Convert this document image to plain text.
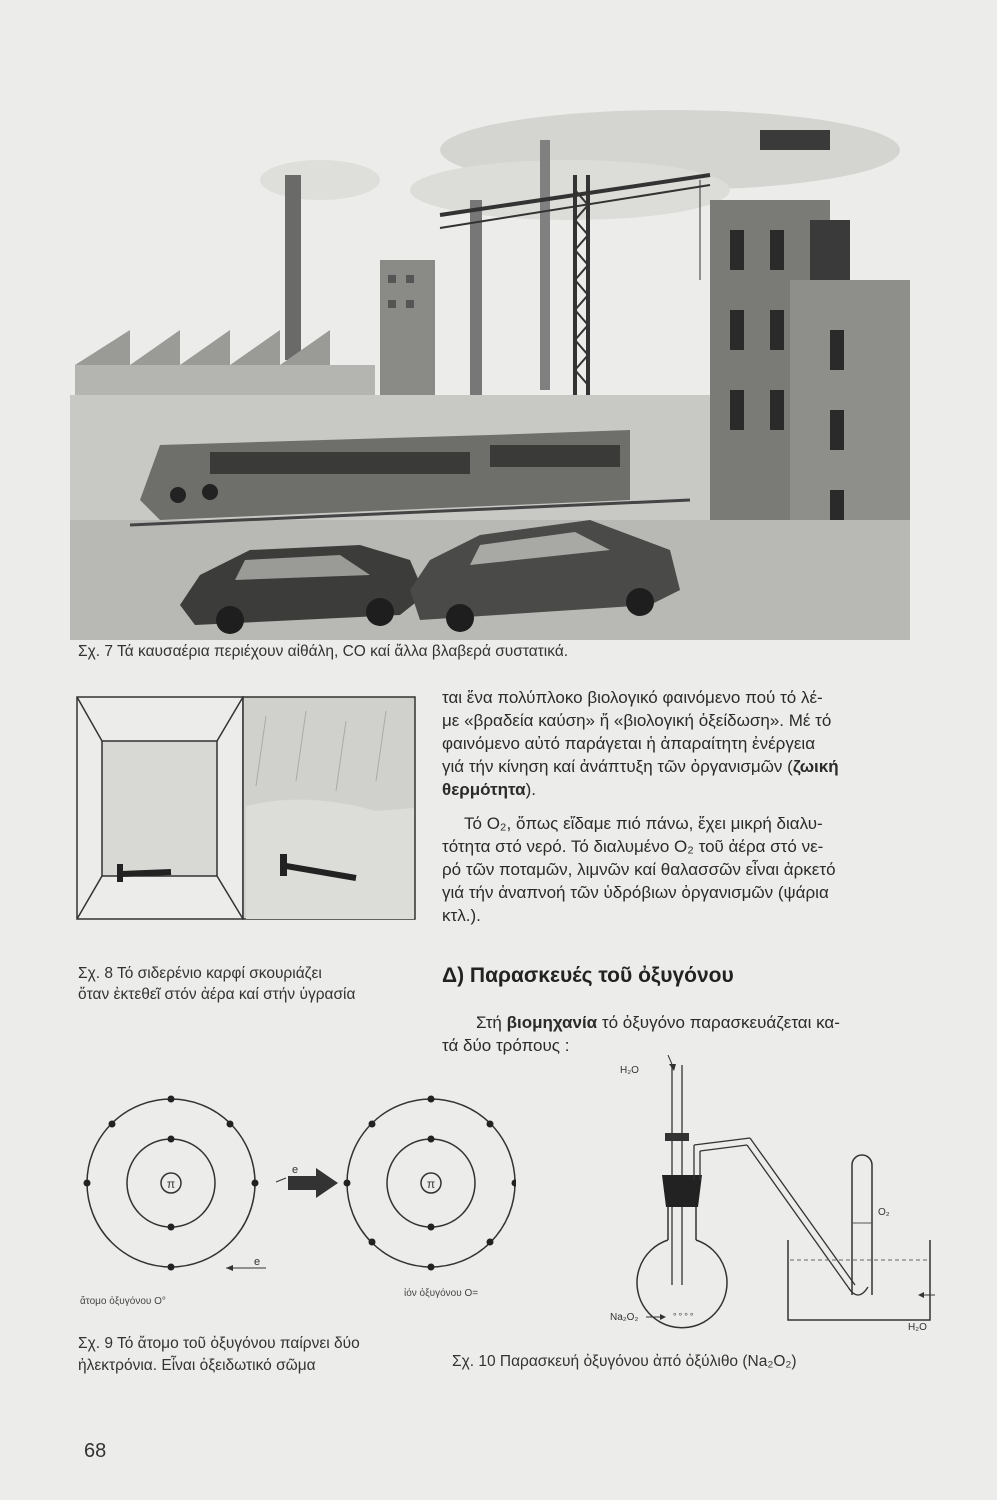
Σχ. 7 Τά καυσαέρια περιέχουν αἰθάλη, CO καί ἄλλα βλαβερά συστατικά.
Σχ. 8 Τό σιδερένιο καρφί σκουριάζει
ὅταν ἐκτεθεῖ στόν ἀέρα καί στήν ὑγρασία
π
e
e
π
ἄτομο ὀξυγόνου O°
ἰόν ὀξυγόνου O=
Σχ. 9 Τό ἄτομο τοῦ ὀξυγόνου παίρνει δύο
ἠλεκτρόνια. Εἶναι ὀξειδωτικό σῶμα
ται ἕνα πολύπλοκο βιολογικό φαινόμενο πού τό λέ-
με «βραδεία καύση» ἤ «βιολογική ὀξείδωση». Μέ τό
φαινόμενο αὐτό παράγεται ἡ ἀπαραίτητη ἐνέργεια
γιά τήν κίνηση καί ἀνάπτυξη τῶν ὀργανισμῶν (ζωική
θερμότητα).
Τό O₂, ὅπως εἴδαμε πιό πάνω, ἔχει μικρή διαλυ-
τότητα στό νερό. Τό διαλυμένο O₂ τοῦ ἀέρα στό νε-
ρό τῶν ποταμῶν, λιμνῶν καί θαλασσῶν εἶναι ἀρκετό
γιά τήν ἀναπνοή τῶν ὑδρόβιων ὀργανισμῶν (ψάρια
κτλ.).
Δ) Παρασκευές τοῦ ὀξυγόνου
Στή βιομηχανία τό ὀξυγόνο παρασκευάζεται κα-
τά δύο τρόπους :
H₂O
∘∘∘∘
Na₂O₂
O₂
H₂O
Σχ. 10 Παρασκευή ὀξυγόνου ἀπό ὀξύλιθο (Na₂O₂)
68
